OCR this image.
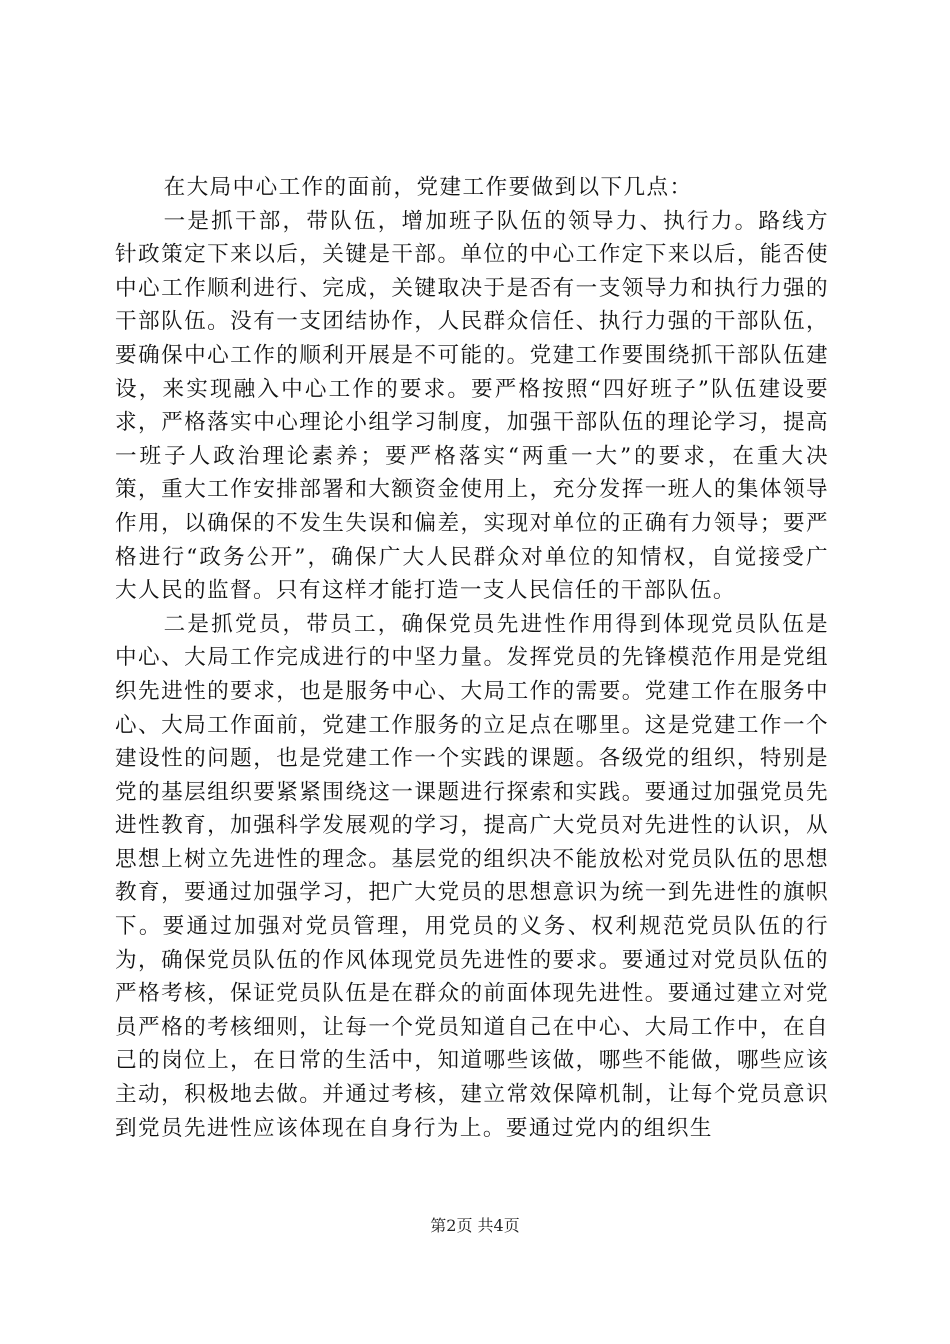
在大局中心工作的面前，党建工作要做到以下几点：

一是抓干部，带队伍，增加班子队伍的领导力、执行力。路线方针政策定下来以后，关键是干部。单位的中心工作定下来以后，能否使中心工作顺利进行、完成，关键取决于是否有一支领导力和执行力强的干部队伍。没有一支团结协作，人民群众信任、执行力强的干部队伍，要确保中心工作的顺利开展是不可能的。党建工作要围绕抓干部队伍建设，来实现融入中心工作的要求。要严格按照“四好班子”队伍建设要求，严格落实中心理论小组学习制度，加强干部队伍的理论学习，提高一班子人政治理论素养；要严格落实“两重一大”的要求，在重大决策，重大工作安排部署和大额资金使用上，充分发挥一班人的集体领导作用，以确保的不发生失误和偏差，实现对单位的正确有力领导；要严格进行“政务公开”，确保广大人民群众对单位的知情权，自觉接受广大人民的监督。只有这样才能打造一支人民信任的干部队伍。

二是抓党员，带员工，确保党员先进性作用得到体现党员队伍是中心、大局工作完成进行的中坚力量。发挥党员的先锋模范作用是党组织先进性的要求，也是服务中心、大局工作的需要。党建工作在服务中心、大局工作面前，党建工作服务的立足点在哪里。这是党建工作一个建设性的问题，也是党建工作一个实践的课题。各级党的组织，特别是党的基层组织要紧紧围绕这一课题进行探索和实践。要通过加强党员先进性教育，加强科学发展观的学习，提高广大党员对先进性的认识，从思想上树立先进性的理念。基层党的组织决不能放松对党员队伍的思想教育，要通过加强学习，把广大党员的思想意识为统一到先进性的旗帜下。要通过加强对党员管理，用党员的义务、权利规范党员队伍的行为，确保党员队伍的作风体现党员先进性的要求。要通过对党员队伍的严格考核，保证党员队伍是在群众的前面体现先进性。要通过建立对党员严格的考核细则，让每一个党员知道自己在中心、大局工作中，在自己的岗位上，在日常的生活中，知道哪些该做，哪些不能做，哪些应该主动，积极地去做。并通过考核，建立常效保障机制，让每个党员意识到党员先进性应该体现在自身行为上。要通过党内的组织生

第2页 共4页
